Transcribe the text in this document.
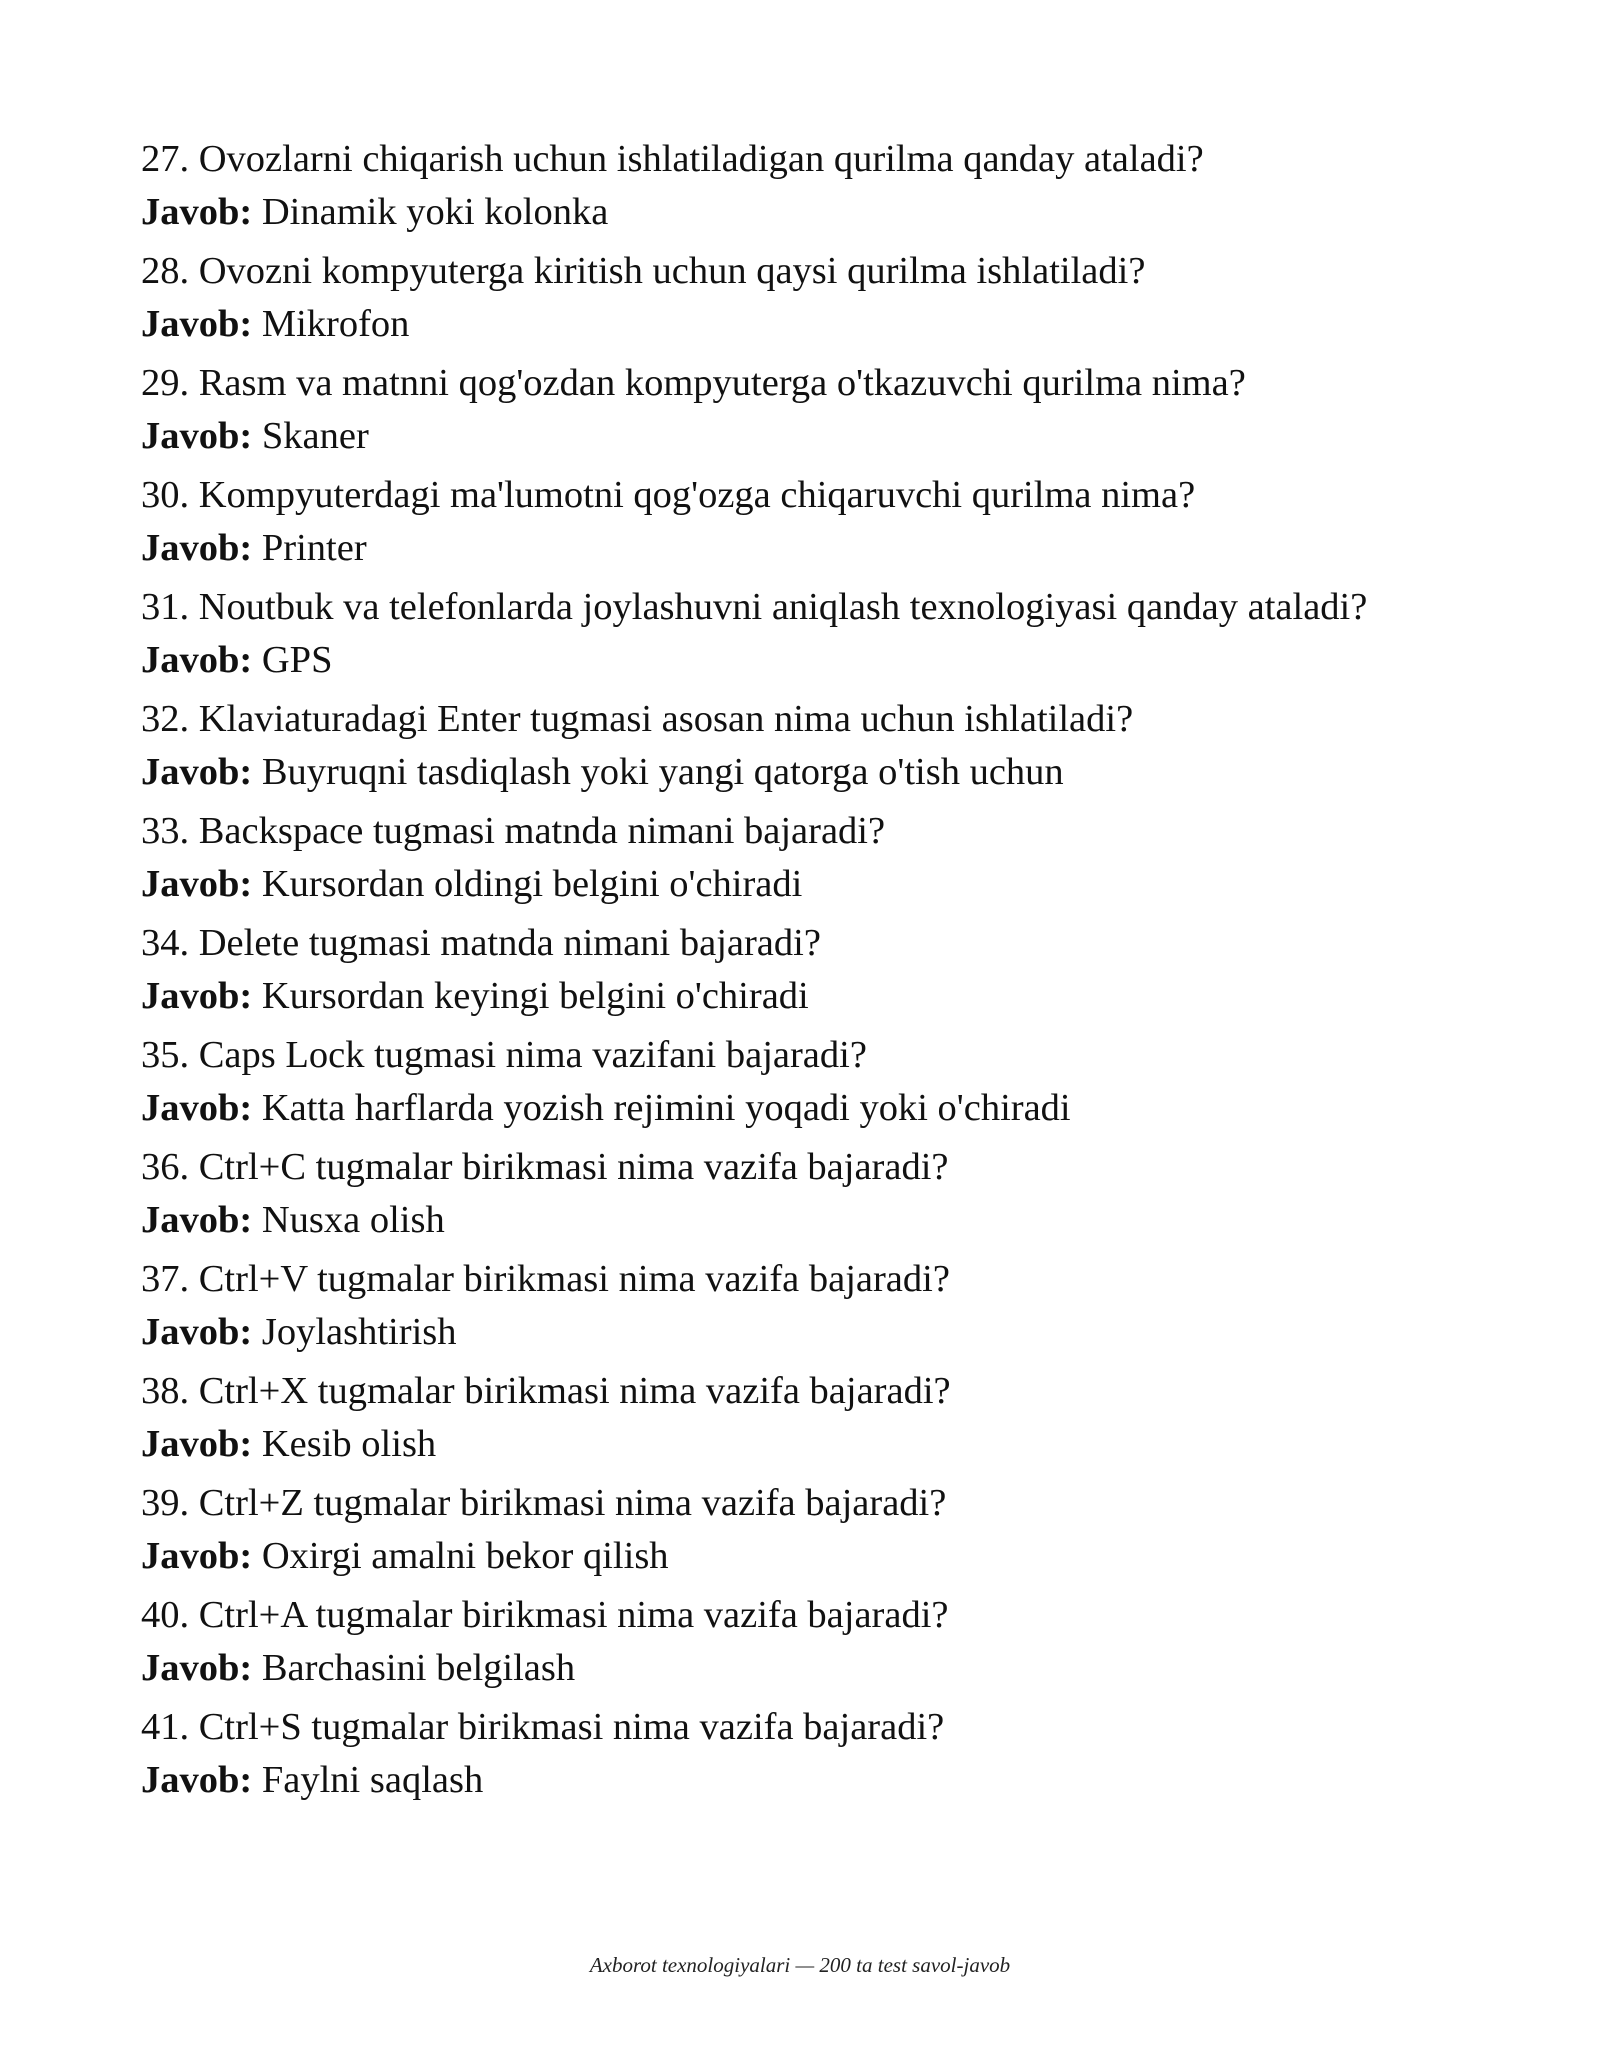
27. Ovozlarni chiqarish uchun ishlatiladigan qurilma qanday ataladi?

Javob: Dinamik yoki kolonka

28. Ovozni kompyuterga kiritish uchun qaysi qurilma ishlatiladi?

Javob: Mikrofon

29. Rasm va matnni qog'ozdan kompyuterga o'tkazuvchi qurilma nima?

Javob: Skaner

30. Kompyuterdagi ma'lumotni qog'ozga chiqaruvchi qurilma nima?

Javob: Printer

31. Noutbuk va telefonlarda joylashuvni aniqlash texnologiyasi qanday ataladi?

Javob: GPS

32. Klaviaturadagi Enter tugmasi asosan nima uchun ishlatiladi?

Javob: Buyruqni tasdiqlash yoki yangi qatorga o'tish uchun

33. Backspace tugmasi matnda nimani bajaradi?

Javob: Kursordan oldingi belgini o'chiradi

34. Delete tugmasi matnda nimani bajaradi?

Javob: Kursordan keyingi belgini o'chiradi

35. Caps Lock tugmasi nima vazifani bajaradi?

Javob: Katta harflarda yozish rejimini yoqadi yoki o'chiradi

36. Ctrl+C tugmalar birikmasi nima vazifa bajaradi?

Javob: Nusxa olish

37. Ctrl+V tugmalar birikmasi nima vazifa bajaradi?

Javob: Joylashtirish

38. Ctrl+X tugmalar birikmasi nima vazifa bajaradi?

Javob: Kesib olish

39. Ctrl+Z tugmalar birikmasi nima vazifa bajaradi?

Javob: Oxirgi amalni bekor qilish

40. Ctrl+A tugmalar birikmasi nima vazifa bajaradi?

Javob: Barchasini belgilash

41. Ctrl+S tugmalar birikmasi nima vazifa bajaradi?

Javob: Faylni saqlash

Axborot texnologiyalari — 200 ta test savol-javob
